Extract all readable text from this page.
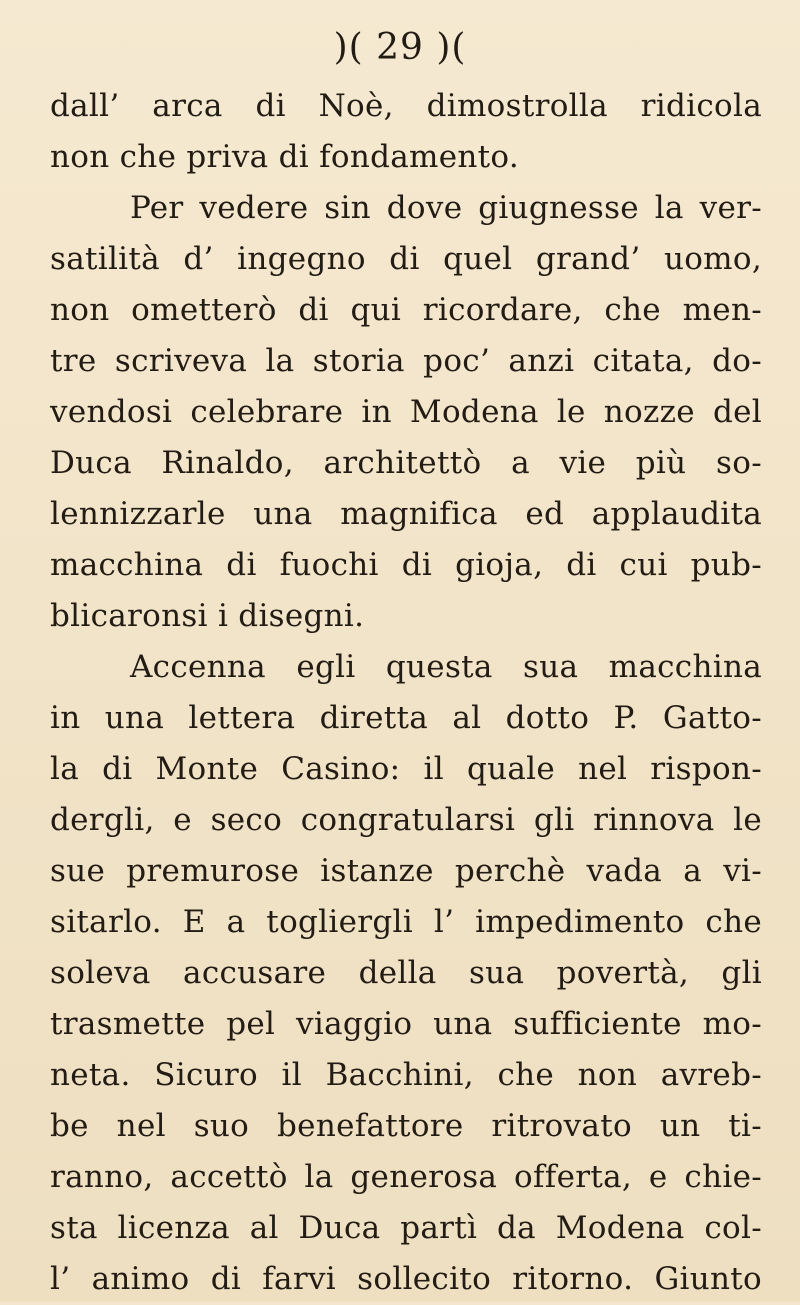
)( 29 )(
dall’ arca di Noè, dimostrolla ridicola
non che priva di fondamento.
Per vedere sin dove giugnesse la ver-
satilità d’ ingegno di quel grand’ uomo,
non ometterò di qui ricordare, che men-
tre scriveva la storia poc’ anzi citata, do-
vendosi celebrare in Modena le nozze del
Duca Rinaldo, architettò a vie più so-
lennizzarle una magnifica ed applaudita
macchina di fuochi di gioja, di cui pub-
blicaronsi i disegni.
Accenna egli questa sua macchina
in una lettera diretta al dotto P. Gatto-
la di Monte Casino: il quale nel rispon-
dergli, e seco congratularsi gli rinnova le
sue premurose istanze perchè vada a vi-
sitarlo. E a togliergli l’ impedimento che
soleva accusare della sua povertà, gli
trasmette pel viaggio una sufficiente mo-
neta. Sicuro il Bacchini, che non avreb-
be nel suo benefattore ritrovato un ti-
ranno, accettò la generosa offerta, e chie-
sta licenza al Duca partì da Modena col-
l’ animo di farvi sollecito ritorno. Giunto
